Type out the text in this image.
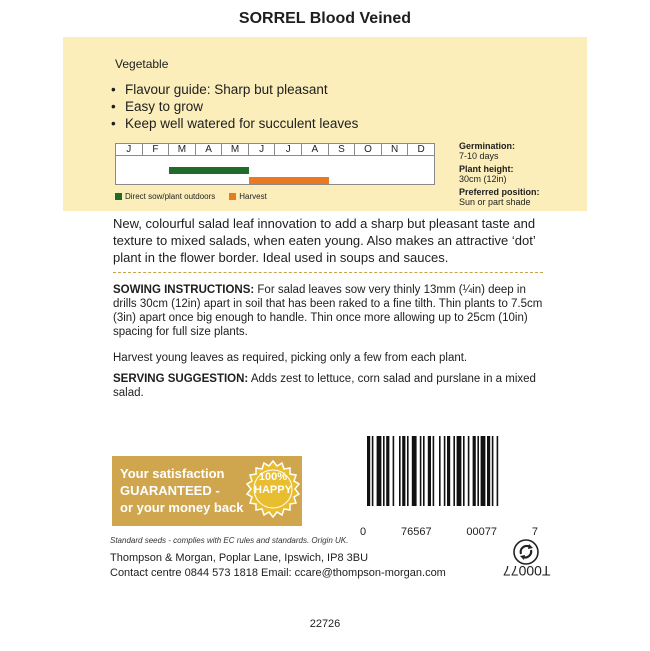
SORREL Blood Veined
Vegetable
• Flavour guide: Sharp but pleasant
• Easy to grow
• Keep well watered for succulent leaves
J	F	M	A	M	J	J	A	S	O	N	D
Direct sow/plant outdoors	Harvest
Germination:
7-10 days
Plant height:
30cm (12in)
Preferred position:
Sun or part shade
New, colourful salad leaf innovation to add a sharp but pleasant taste and texture to mixed salads, when eaten young. Also makes an attractive ‘dot’ plant in the flower border. Ideal used in soups and sauces.
SOWING INSTRUCTIONS: For salad leaves sow very thinly 13mm (¼in) deep in drills 30cm (12in) apart in soil that has been raked to a fine tilth. Thin plants to 7.5cm (3in) apart once big enough to handle. Thin once more allowing up to 25cm (10in) spacing for full size plants.
Harvest young leaves as required, picking only a few from each plant.
SERVING SUGGESTION: Adds zest to lettuce, corn salad and purslane in a mixed salad.
0	76567	00077	7
Your satisfaction
GUARANTEED -
or your money back
100%
HAPPY
Standard seeds - complies with EC rules and standards. Origin UK.
Thompson & Morgan, Poplar Lane, Ipswich, IP8 3BU
Contact centre 0844 573 1818 Email: ccare@thompson-morgan.com	T00077
22726
